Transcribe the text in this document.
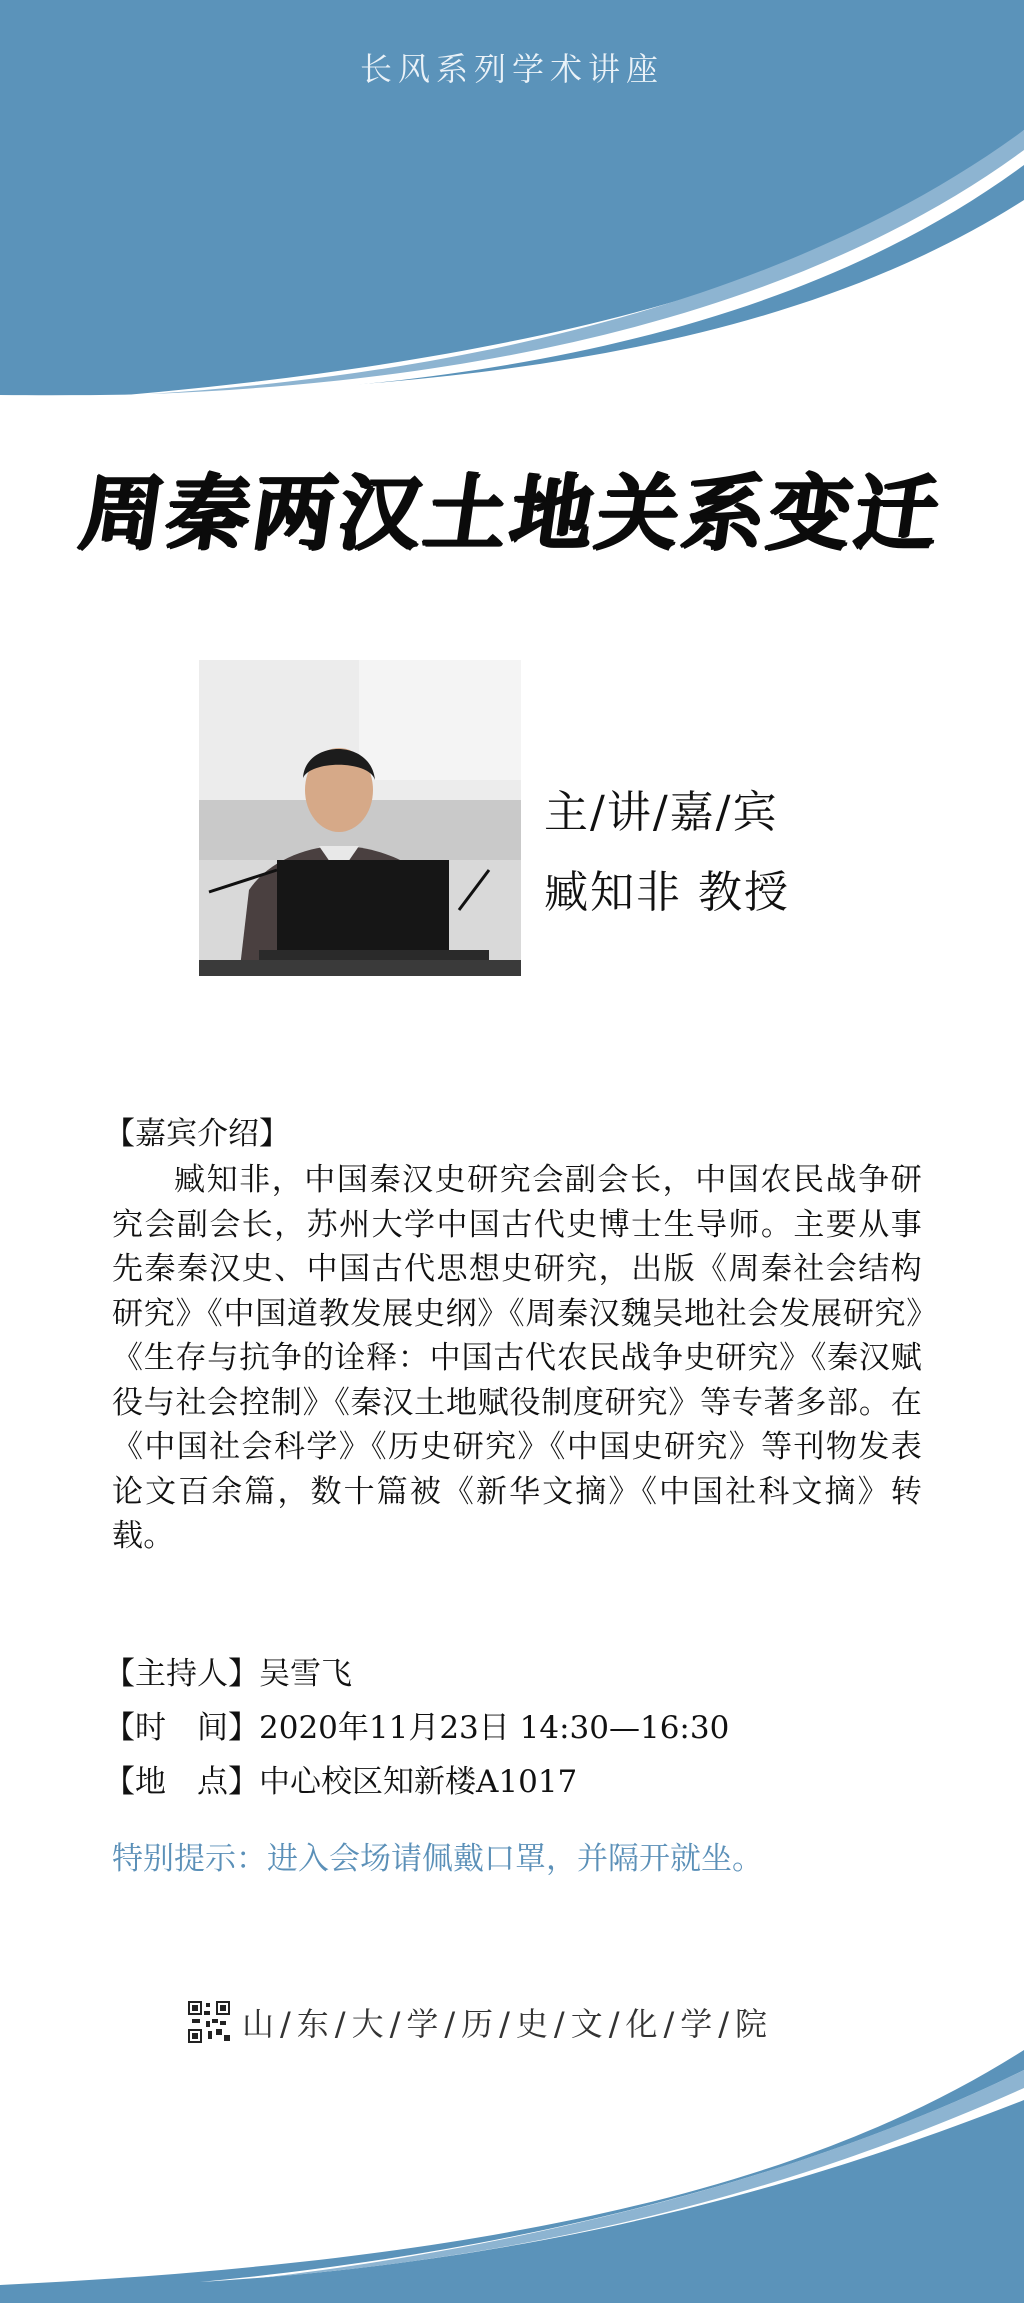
长风系列学术讲座
周秦两汉土地关系变迁
主/讲/嘉/宾
臧知非 教授
【嘉宾介绍】
臧知非，中国秦汉史研究会副会长，中国农民战争研究会副会长，苏州大学中国古代史博士生导师。主要从事先秦秦汉史、中国古代思想史研究，出版《周秦社会结构研究》《中国道教发展史纲》《周秦汉魏吴地社会发展研究》《生存与抗争的诠释：中国古代农民战争史研究》《秦汉赋役与社会控制》《秦汉土地赋役制度研究》等专著多部。在《中国社会科学》《历史研究》《中国史研究》等刊物发表论文百余篇，数十篇被《新华文摘》《中国社科文摘》转载。
【主持人】吴雪飞
【时　间】2020年11月23日 14:30—16:30
【地　点】中心校区知新楼A1017
特别提示：进入会场请佩戴口罩，并隔开就坐。
山/东/大/学/历/史/文/化/学/院
